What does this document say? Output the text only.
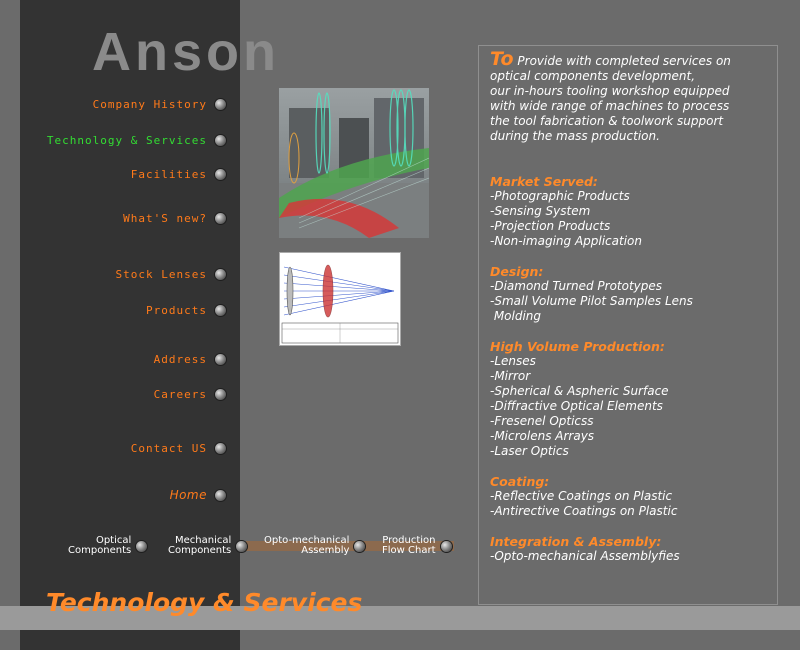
Anson
Company History
Technology & Services
Facilities
What'S new?
Stock Lenses
Products
Address
Careers
Contact US
Home
Optical
Components
Mechanical
Components
Opto-mechanical
Assembly
Production
Flow Chart
Technology & Services
To Provide with completed services on
optical components development,
our in-hours tooling workshop equipped
with wide range of machines to process
the tool fabrication & toolwork support
during the mass production.
Market Served:
-Photographic Products
-Sensing System
-Projection Products
-Non-imaging Application
Design:
-Diamond Turned Prototypes
-Small Volume Pilot Samples Lens
Molding
High Volume Production:
-Lenses
-Mirror
-Spherical & Aspheric Surface
-Diffractive Optical Elements
-Fresenel Opticss
-Microlens Arrays
-Laser Optics
Coating:
-Reflective Coatings on Plastic
-Antirective Coatings on Plastic
Integration & Assembly:
-Opto-mechanical Assemblyfies
